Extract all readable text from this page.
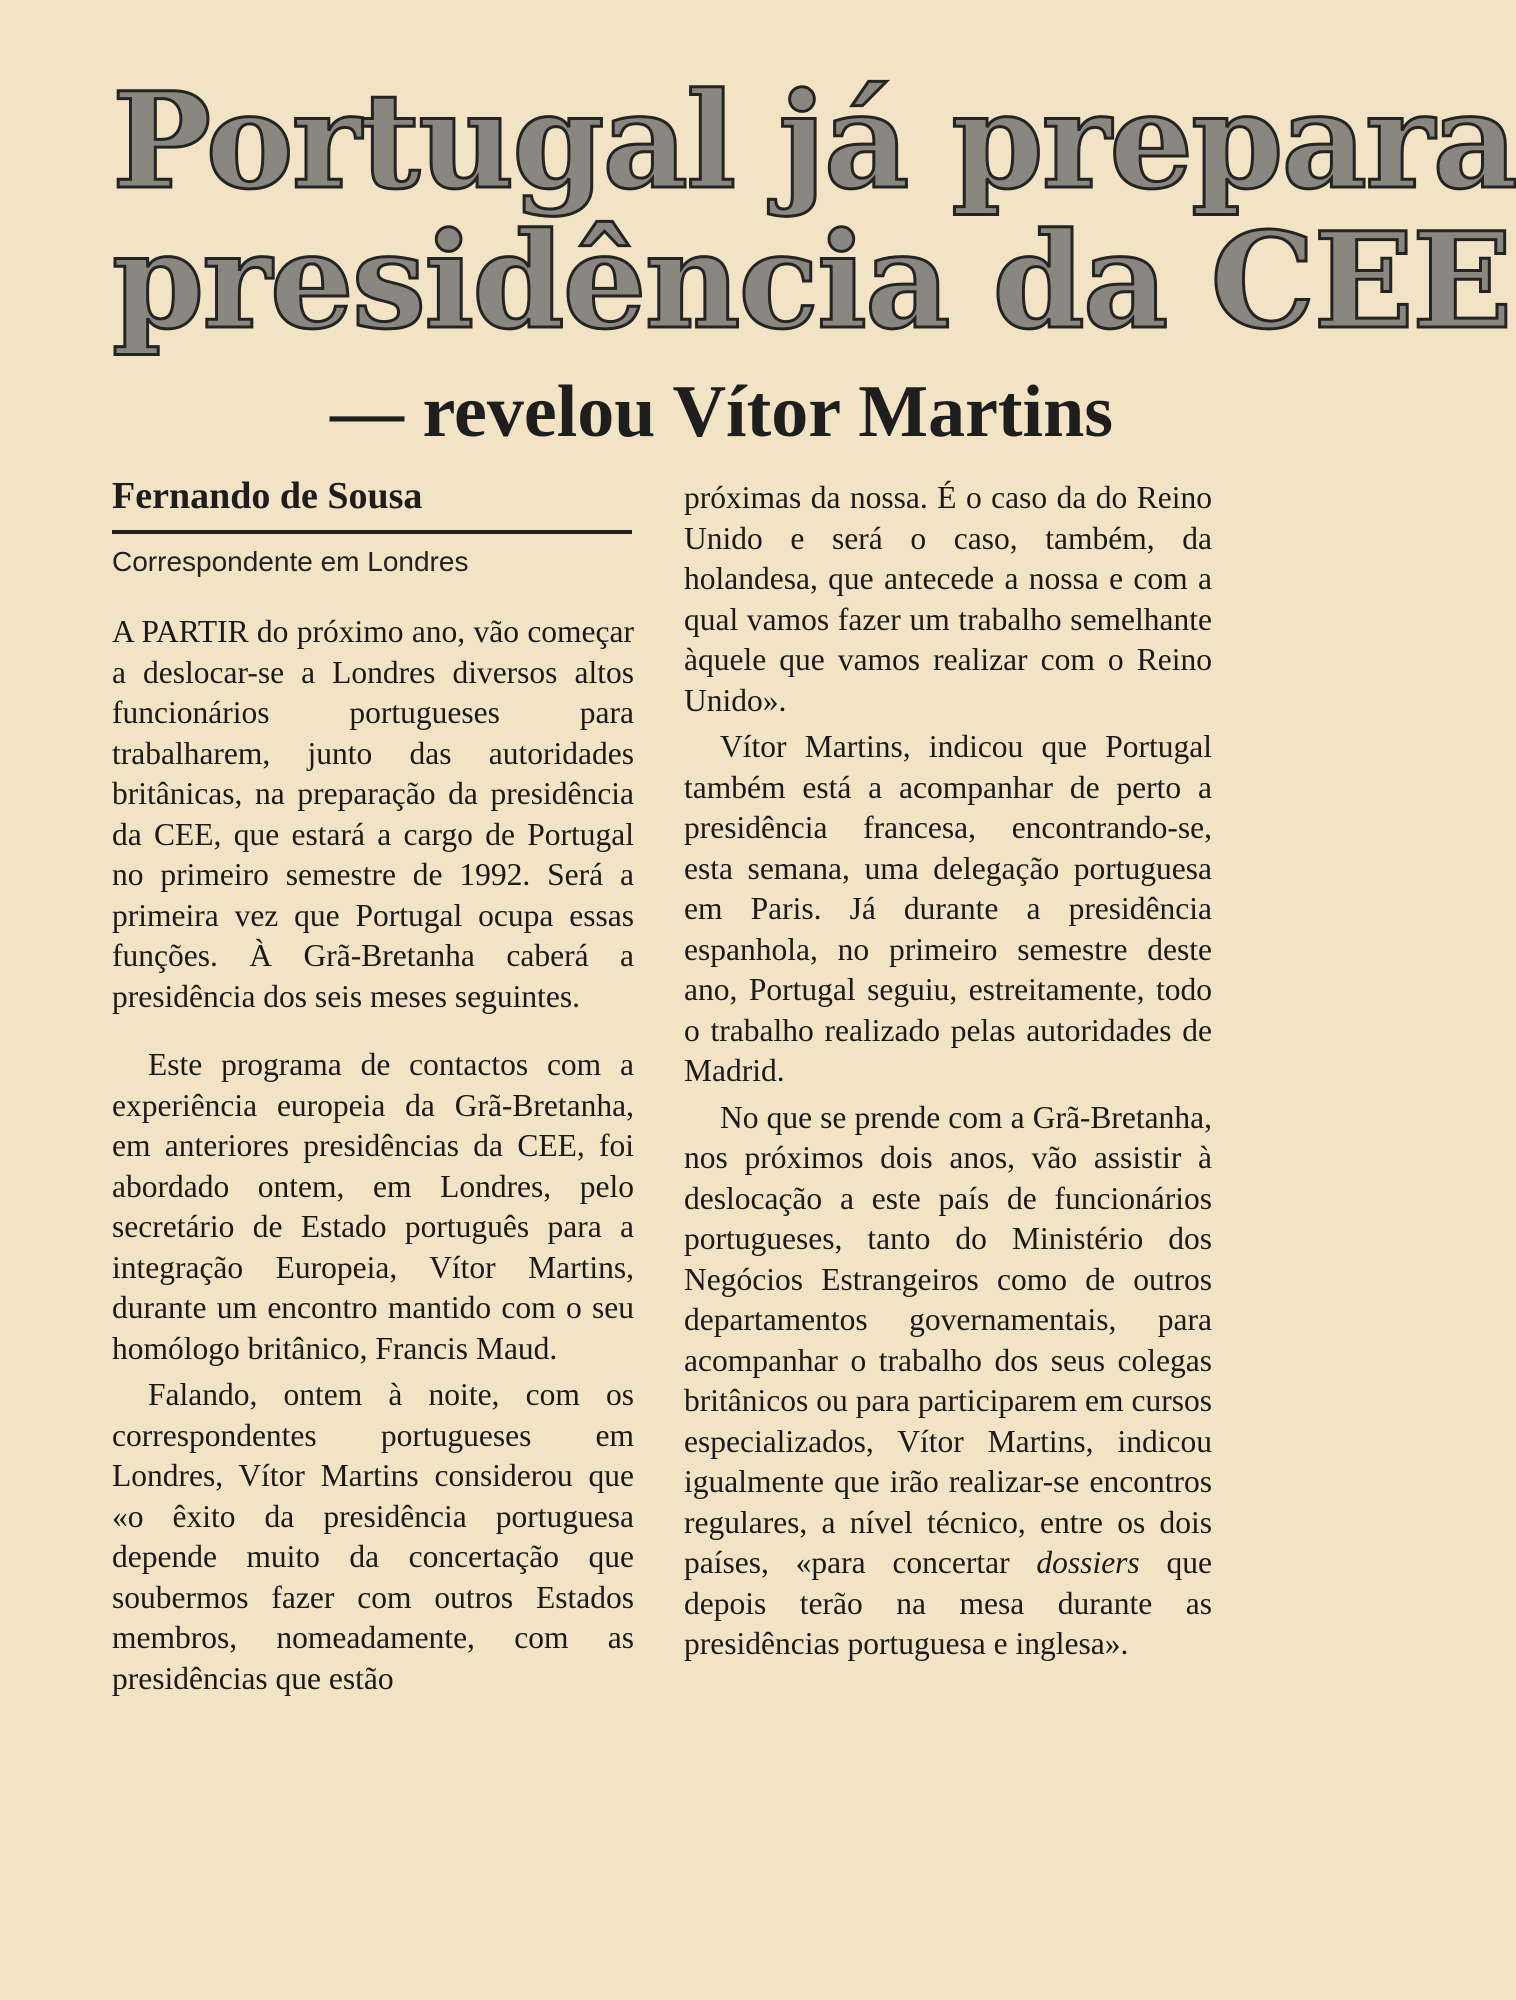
Portugal já prepara
presidência da CEE
— revelou Vítor Martins
Fernando de Sousa
Correspondente em Londres

A PARTIR do próximo ano, vão começar a deslocar-se a Londres diversos altos funcionários portugueses para trabalharem, junto das autoridades britânicas, na preparação da presidência da CEE, que estará a cargo de Portugal no primeiro semestre de 1992. Será a primeira vez que Portugal ocupa essas funções. À Grã-Bretanha caberá a presidência dos seis meses seguintes.

Este programa de contactos com a experiência europeia da Grã-Bretanha, em anteriores presidências da CEE, foi abordado ontem, em Londres, pelo secretário de Estado português para a integração Europeia, Vítor Martins, durante um encontro mantido com o seu homólogo britânico, Francis Maud.

Falando, ontem à noite, com os correspondentes portugueses em Londres, Vítor Martins considerou que «o êxito da presidência portuguesa depende muito da concertação que soubermos fazer com outros Estados membros, nomeadamente, com as presidências que estão

próximas da nossa. É o caso da do Reino Unido e será o caso, também, da holandesa, que antecede a nossa e com a qual vamos fazer um trabalho semelhante àquele que vamos realizar com o Reino Unido».

Vítor Martins, indicou que Portugal também está a acompanhar de perto a presidência francesa, encontrando-se, esta semana, uma delegação portuguesa em Paris. Já durante a presidência espanhola, no primeiro semestre deste ano, Portugal seguiu, estreitamente, todo o trabalho realizado pelas autoridades de Madrid.

No que se prende com a Grã-Bretanha, nos próximos dois anos, vão assistir à deslocação a este país de funcionários portugueses, tanto do Ministério dos Negócios Estrangeiros como de outros departamentos governamentais, para acompanhar o trabalho dos seus colegas britânicos ou para participarem em cursos especializados, Vítor Martins, indicou igualmente que irão realizar-se encontros regulares, a nível técnico, entre os dois países, «para concertar dossiers que depois terão na mesa durante as presidências portuguesa e inglesa».
